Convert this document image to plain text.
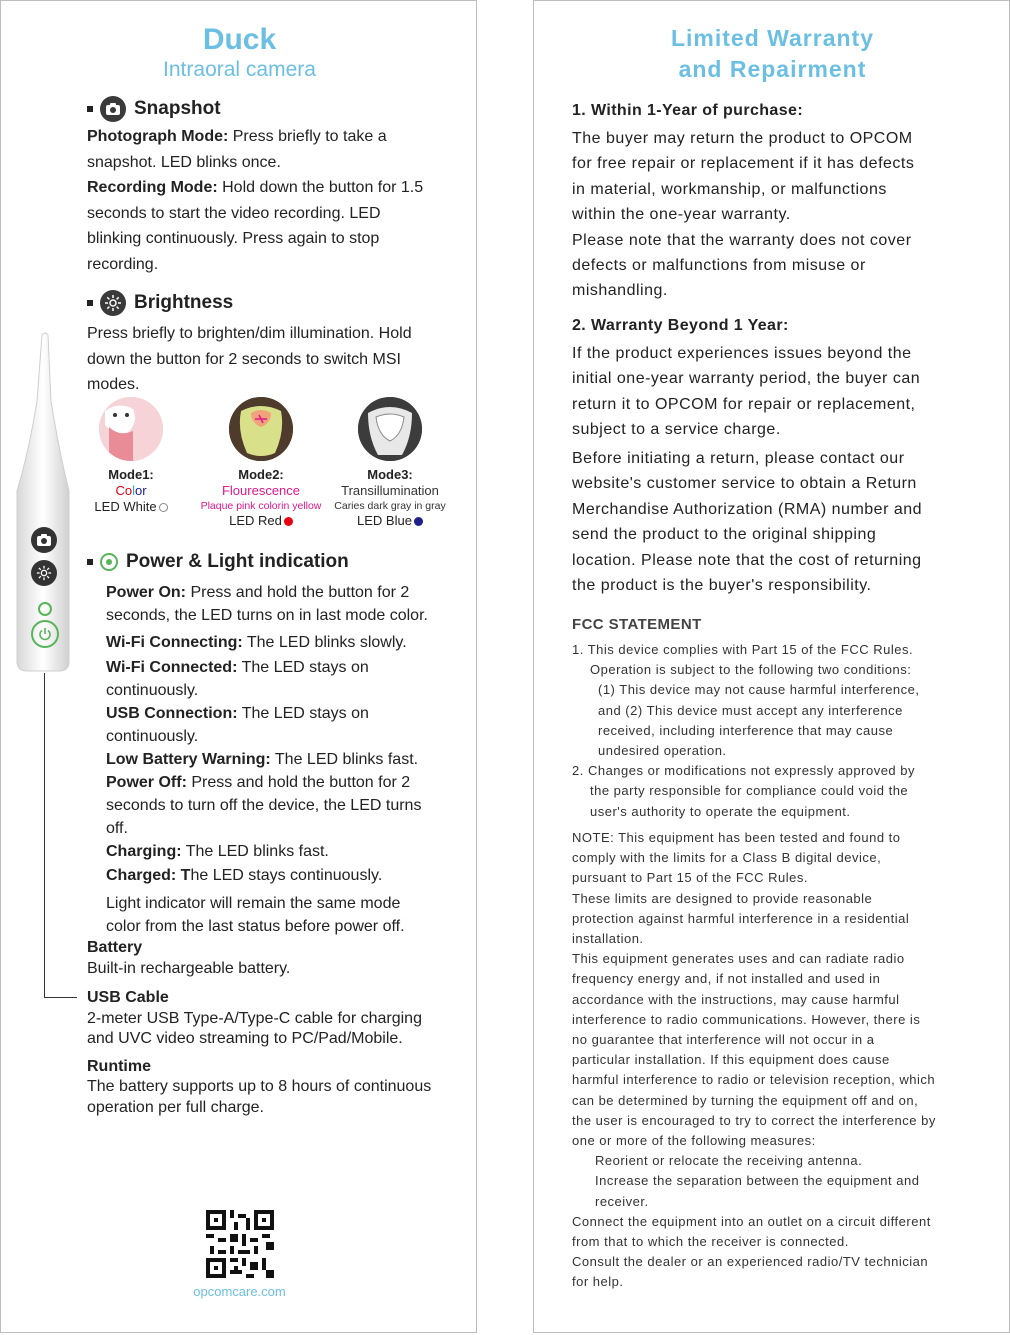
Duck
Intraoral camera
Snapshot
Photograph Mode: Press briefly to take a
snapshot. LED blinks once.
Recording Mode: Hold down the button for 1.5
seconds to start the video recording. LED
blinking continuously. Press again to stop
recording.
Brightness
Press briefly to brighten/dim illumination. Hold
down the button for 2 seconds to switch MSI
modes.
Mode1:
Color
LED White
Mode2:
Flourescence
Plaque pink colorin yellow
LED Red
Mode3:
Transillumination
Caries dark gray in gray
LED Blue
Power & Light indication
Power On: Press and hold the button for 2
seconds, the LED turns on in last mode color.
Wi-Fi Connecting: The LED blinks slowly.
Wi-Fi Connected: The LED stays on
continuously.
USB Connection: The LED stays on
continuously.
Low Battery Warning: The LED blinks fast.
Power Off: Press and hold the button for 2
seconds to turn off the device, the LED turns
off.
Charging: The LED blinks fast.
Charged: The LED stays continuously.
Light indicator will remain the same mode
color from the last status before power off.
Battery
Built-in rechargeable battery.
USB Cable
2-meter USB Type-A/Type-C cable for charging
and UVC video streaming to PC/Pad/Mobile.
Runtime
The battery supports up to 8 hours of continuous
operation per full charge.
opcomcare.com
Limited Warranty
and Repairment
1. Within 1-Year of purchase:
The buyer may return the product to OPCOM
for free repair or replacement if it has defects
in material, workmanship, or malfunctions
within the one-year warranty.
Please note that the warranty does not cover
defects or malfunctions from misuse or
mishandling.
2. Warranty Beyond 1 Year:
If the product experiences issues beyond the
initial one-year warranty period, the buyer can
return it to OPCOM for repair or replacement,
subject to a service charge.
Before initiating a return, please contact our
website's customer service to obtain a Return
Merchandise Authorization (RMA) number and
send the product to the original shipping
location. Please note that the cost of returning
the product is the buyer's responsibility.
FCC STATEMENT
1. This device complies with Part 15 of the FCC Rules.
Operation is subject to the following two conditions:
(1) This device may not cause harmful interference,
and (2) This device must accept any interference
received, including interference that may cause
undesired operation.
2. Changes or modifications not expressly approved by
the party responsible for compliance could void the
user's authority to operate the equipment.
NOTE: This equipment has been tested and found to
comply with the limits for a Class B digital device,
pursuant to Part 15 of the FCC Rules.
These limits are designed to provide reasonable
protection against harmful interference in a residential
installation.
This equipment generates uses and can radiate radio
frequency energy and, if not installed and used in
accordance with the instructions, may cause harmful
interference to radio communications. However, there is
no guarantee that interference will not occur in a
particular installation. If this equipment does cause
harmful interference to radio or television reception, which
can be determined by turning the equipment off and on,
the user is encouraged to try to correct the interference by
one or more of the following measures:
Reorient or relocate the receiving antenna.
Increase the separation between the equipment and
receiver.
Connect the equipment into an outlet on a circuit different
from that to which the receiver is connected.
Consult the dealer or an experienced radio/TV technician
for help.
